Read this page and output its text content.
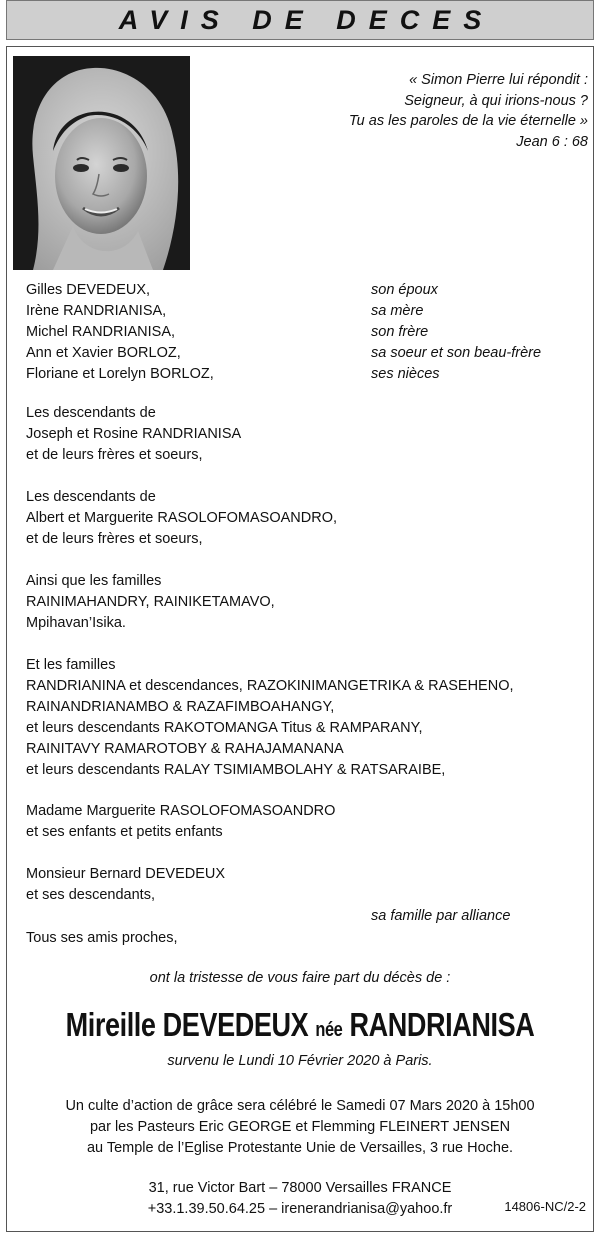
AVIS DE DECES
« Simon Pierre lui répondit :
Seigneur, à qui irions-nous ?
Tu as les paroles de la vie éternelle »
Jean 6 : 68
Gilles DEVEDEUX,	son époux
Irène RANDRIANISA,	sa mère
Michel RANDRIANISA,	son frère
Ann et Xavier BORLOZ,	sa soeur et son beau-frère
Floriane et Lorelyn BORLOZ,	ses nièces
Les descendants de
Joseph et Rosine RANDRIANISA
et de leurs frères et soeurs,
Les descendants de
Albert et Marguerite RASOLOFOMASOANDRO,
et de leurs frères et soeurs,
Ainsi que les familles
RAINIMAHANDRY, RAINIKETAMAVO,
Mpihavan’Isika.
Et les familles
RANDRIANINA et descendances, RAZOKINIMANGETRIKA & RASEHENO,
RAINANDRIANAMBO & RAZAFIMBOAHANGY,
et leurs descendants RAKOTOMANGA Titus & RAMPARANY,
RAINITAVY RAMAROTOBY & RAHAJAMANANA
et leurs descendants RALAY TSIMIAMBOLAHY & RATSARAIBE,
Madame Marguerite RASOLOFOMASOANDRO
et ses enfants et petits enfants
Monsieur Bernard DEVEDEUX
et ses descendants,
sa famille par alliance
Tous ses amis proches,
ont la tristesse de vous faire part du décès de :
Mireille DEVEDEUX née RANDRIANISA
survenu le Lundi 10 Février 2020 à Paris.
Un culte d’action de grâce sera célébré le Samedi 07 Mars 2020 à 15h00
par les Pasteurs Eric GEORGE et Flemming FLEINERT JENSEN
au Temple de l’Eglise Protestante Unie de Versailles, 3 rue Hoche.
31, rue Victor Bart – 78000 Versailles FRANCE
+33.1.39.50.64.25 – irenerandrianisa@yahoo.fr	14806-NC/2-2
